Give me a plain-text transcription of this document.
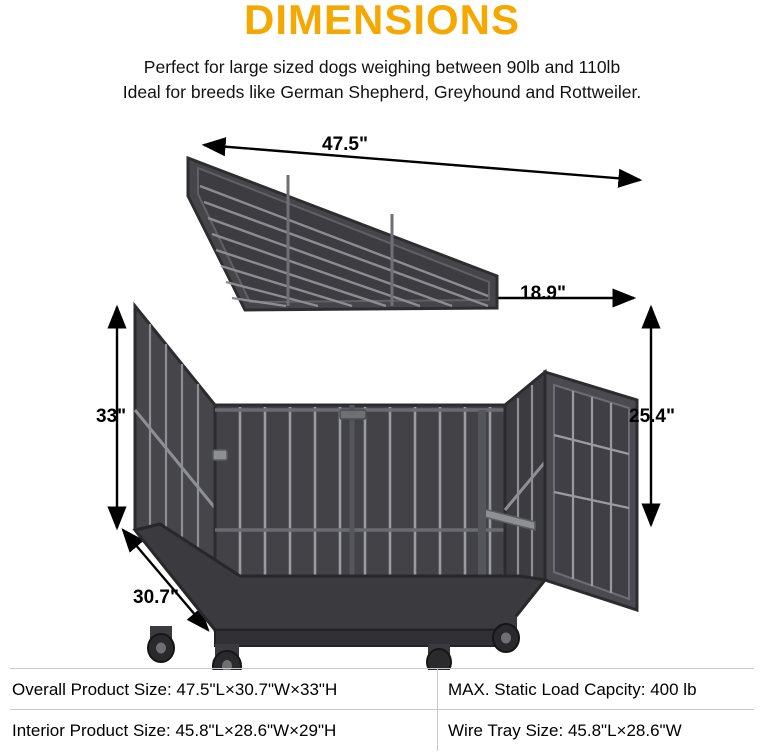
DIMENSIONS
Perfect for large sized dogs weighing between 90lb and 110lb
Ideal for breeds like German Shepherd, Greyhound and Rottweiler.
47.5"
18.9"
33"	25.4"
30.7"
Overall Product Size: 47.5"L×30.7"W×33"H	MAX. Static Load Capcity: 400 lb
Interior Product Size: 45.8"L×28.6"W×29"H	Wire Tray Size: 45.8"L×28.6"W
